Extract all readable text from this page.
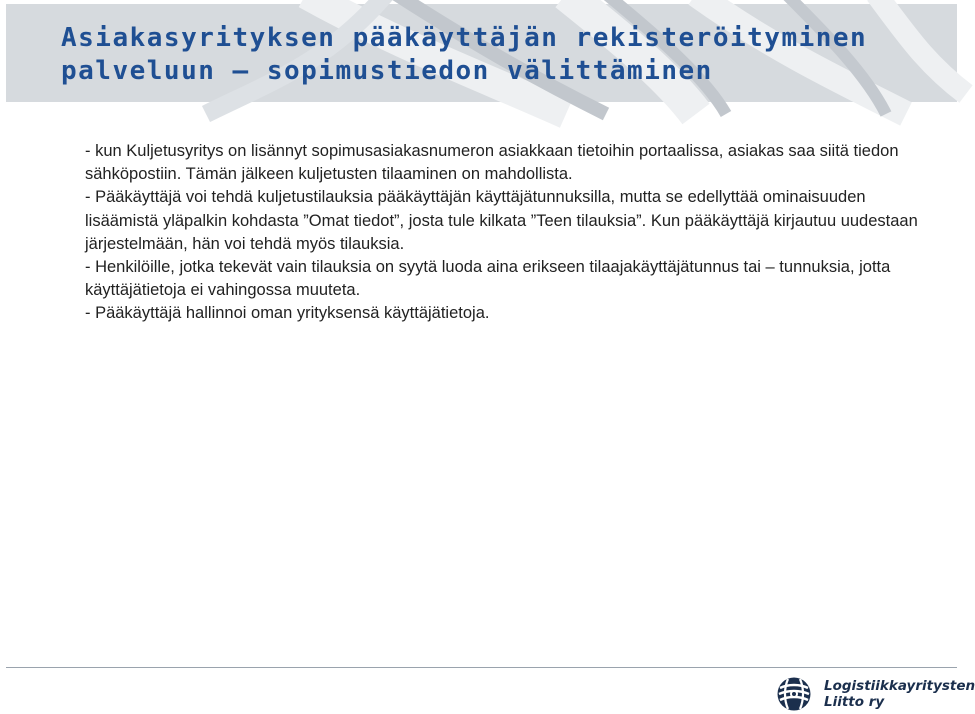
Asiakasyrityksen pääkäyttäjän rekisteröityminen
palveluun – sopimustiedon välittäminen

- kun Kuljetusyritys on lisännyt sopimusasiakasnumeron asiakkaan tietoihin portaalissa, asiakas saa siitä tiedon sähköpostiin. Tämän jälkeen kuljetusten tilaaminen on mahdollista.

- Pääkäyttäjä voi tehdä kuljetustilauksia pääkäyttäjän käyttäjätunnuksilla, mutta se edellyttää ominaisuuden lisäämistä yläpalkin kohdasta ”Omat tiedot”, josta tule kilkata ”Teen tilauksia”. Kun pääkäyttäjä kirjautuu uudestaan järjestelmään, hän voi tehdä myös tilauksia.

- Henkilöille, jotka tekevät vain tilauksia on syytä luoda aina erikseen tilaajakäyttäjätunnus tai – tunnuksia, jotta käyttäjätietoja ei vahingossa muuteta.

- Pääkäyttäjä hallinnoi oman yrityksensä käyttäjätietoja.

Logistiikkayritysten
Liitto ry
